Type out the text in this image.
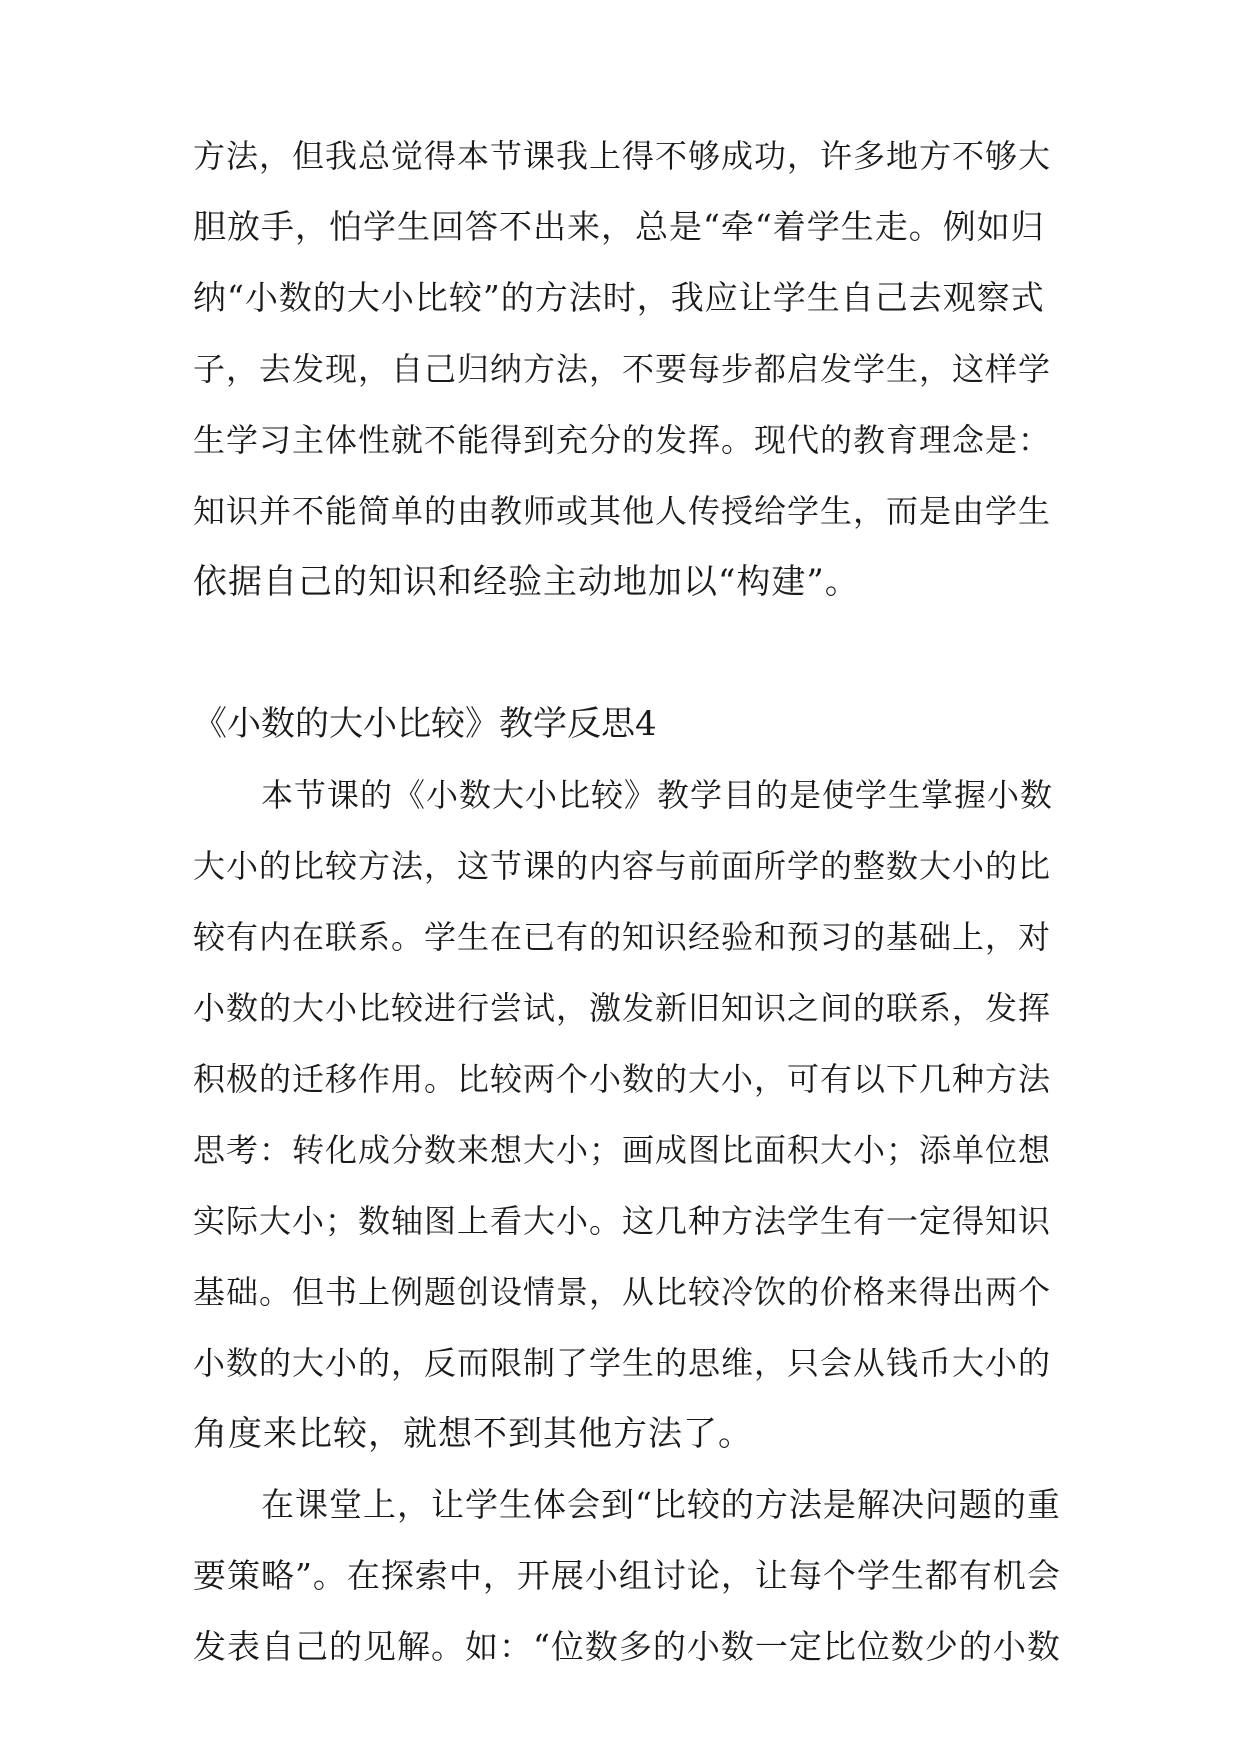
方法，但我总觉得本节课我上得不够成功，许多地方不够大
胆放手，怕学生回答不出来，总是“牵“着学生走。例如归
纳“小数的大小比较”的方法时，我应让学生自己去观察式
子，去发现，自己归纳方法，不要每步都启发学生，这样学
生学习主体性就不能得到充分的发挥。现代的教育理念是：
知识并不能简单的由教师或其他人传授给学生，而是由学生
依据自己的知识和经验主动地加以“构建”。
《小数的大小比较》教学反思4
本节课的《小数大小比较》教学目的是使学生掌握小数
大小的比较方法，这节课的内容与前面所学的整数大小的比
较有内在联系。学生在已有的知识经验和预习的基础上，对
小数的大小比较进行尝试，激发新旧知识之间的联系，发挥
积极的迁移作用。比较两个小数的大小，可有以下几种方法
思考：转化成分数来想大小；画成图比面积大小；添单位想
实际大小；数轴图上看大小。这几种方法学生有一定得知识
基础。但书上例题创设情景，从比较冷饮的价格来得出两个
小数的大小的，反而限制了学生的思维，只会从钱币大小的
角度来比较，就想不到其他方法了。
在课堂上，让学生体会到“比较的方法是解决问题的重
要策略”。在探索中，开展小组讨论，让每个学生都有机会
发表自己的见解。如：“位数多的小数一定比位数少的小数
